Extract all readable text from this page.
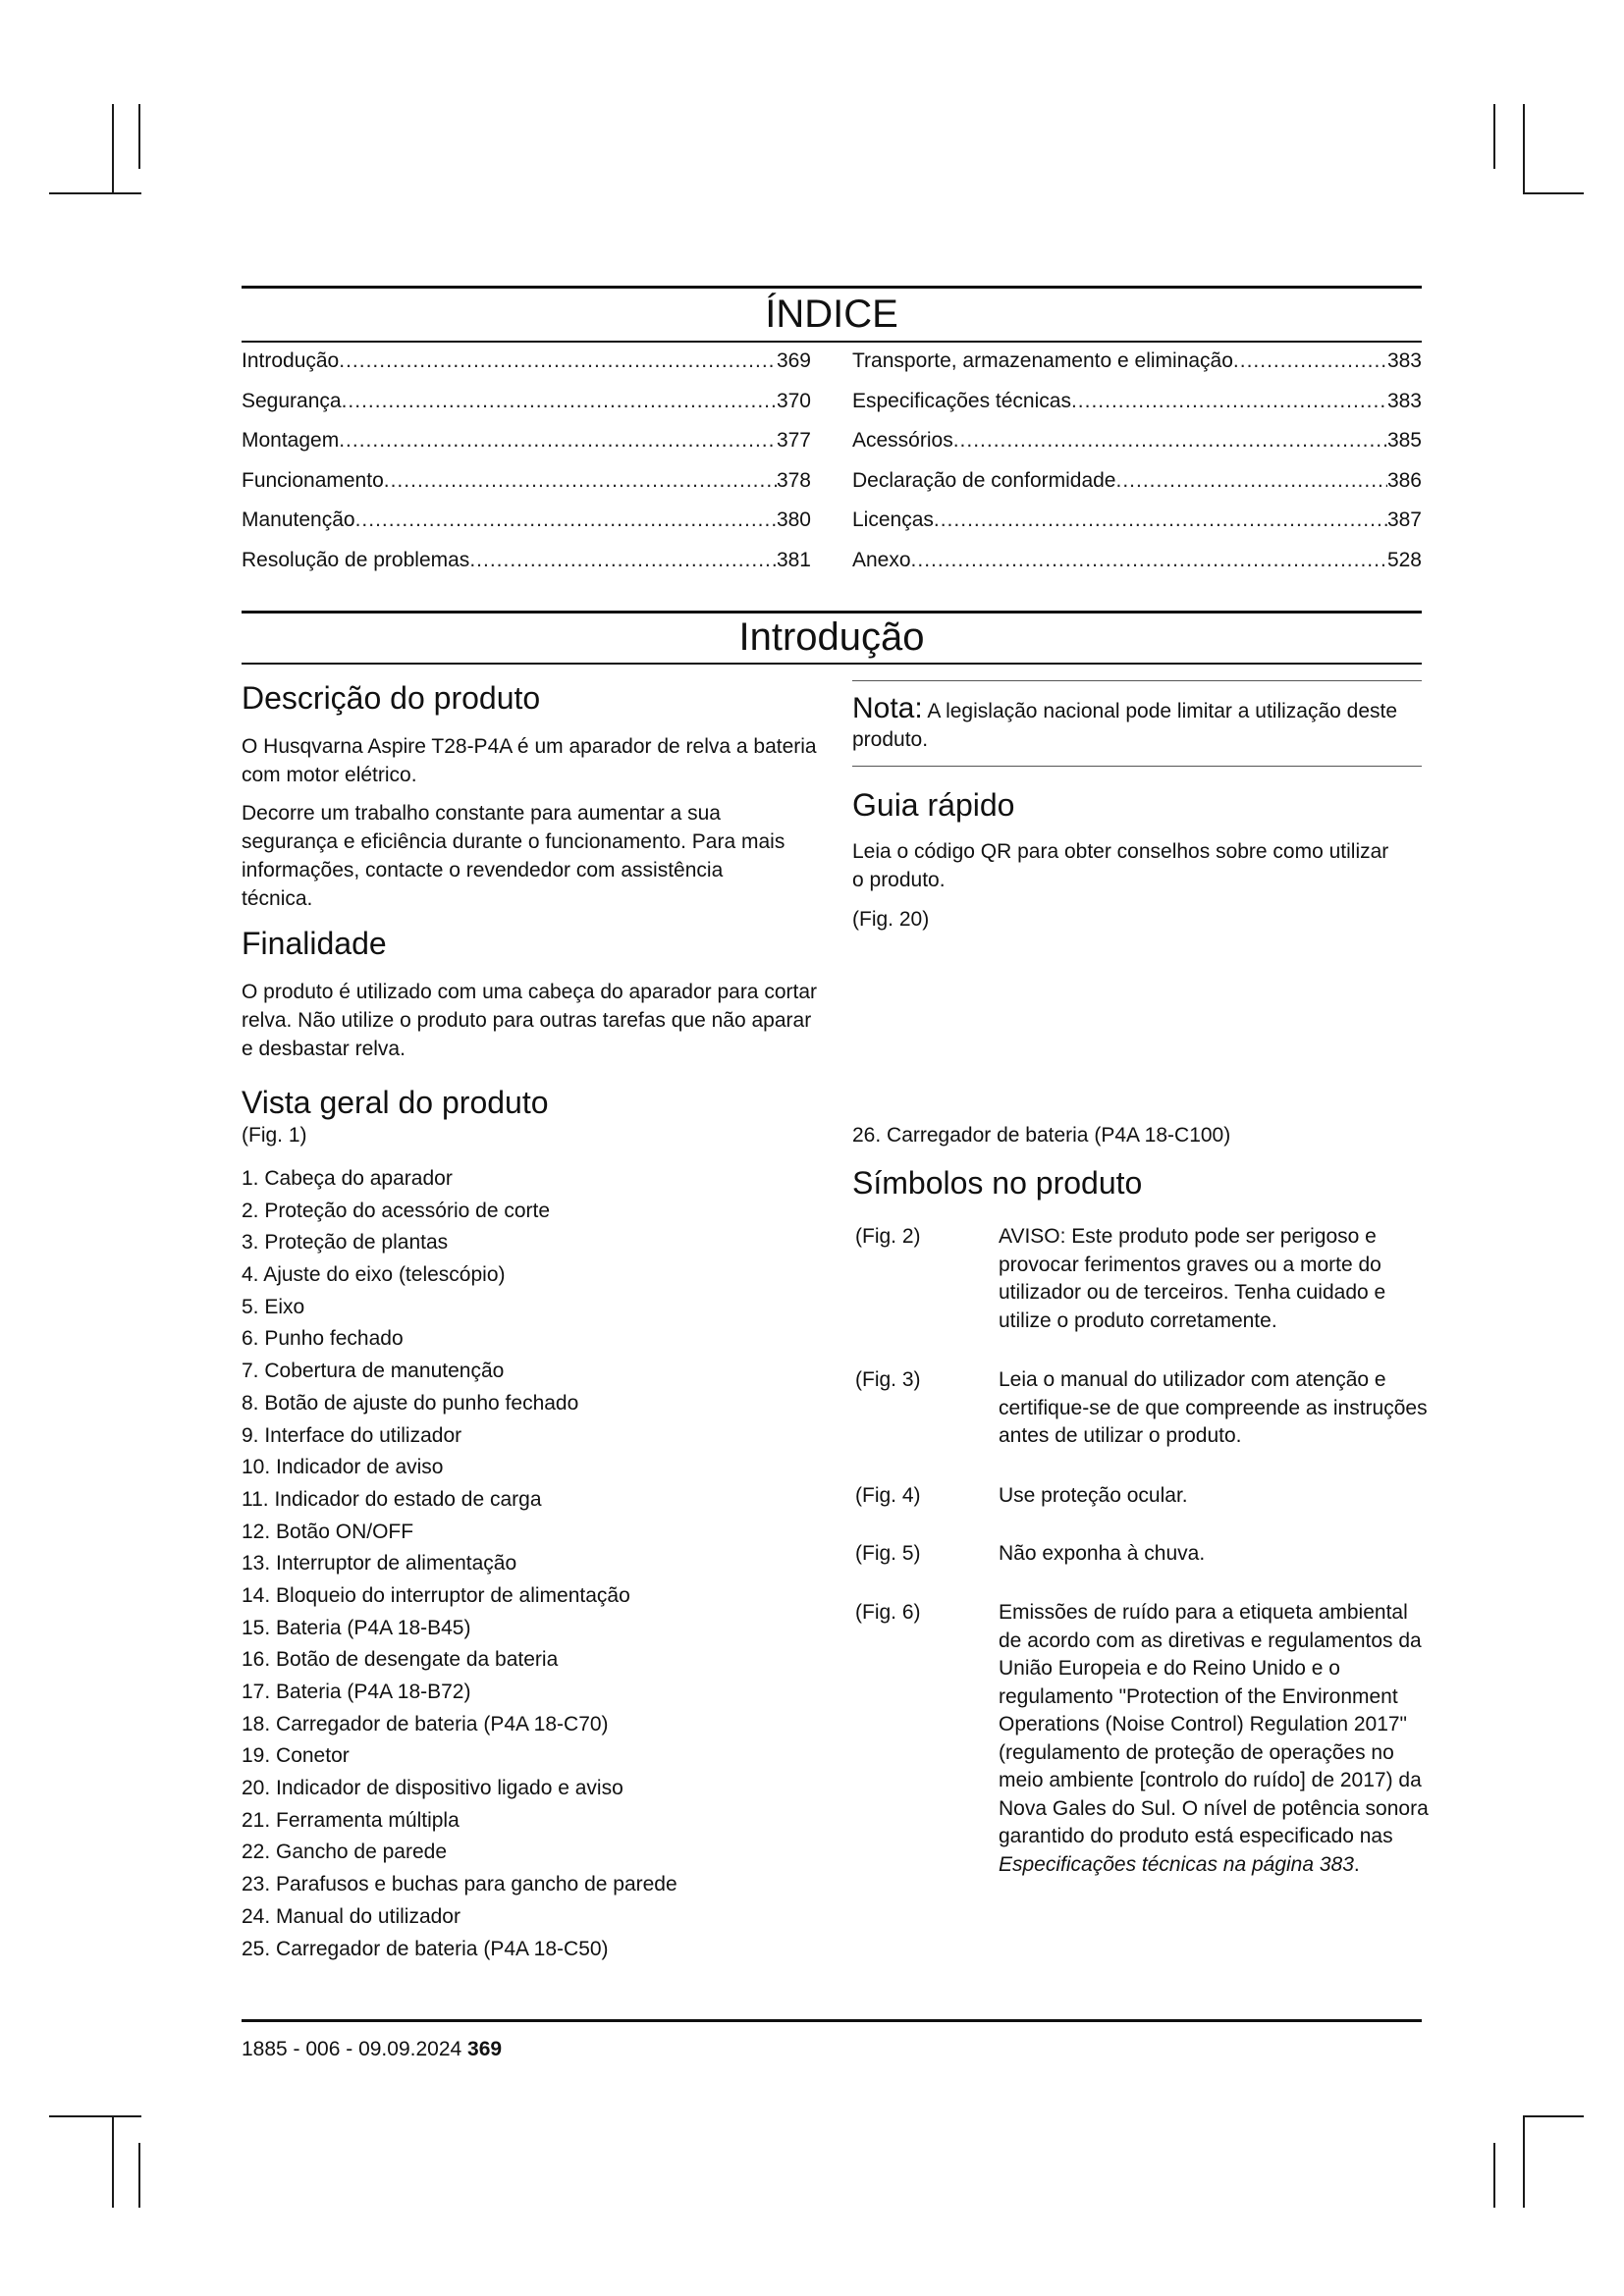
ÍNDICE
Introdução .....	369
Segurança .....	370
Montagem .....	377
Funcionamento .....	378
Manutenção .....	380
Resolução de problemas .....	381
Transporte, armazenamento e eliminação .....	383
Especificações técnicas .....	383
Acessórios .....	385
Declaração de conformidade .....	386
Licenças .....	387
Anexo .....	528
Introdução
Descrição do produto
O Husqvarna Aspire T28-P4A é um aparador de relva a bateria com motor elétrico.
Decorre um trabalho constante para aumentar a sua segurança e eficiência durante o funcionamento. Para mais informações, contacte o revendedor com assistência técnica.
Finalidade
O produto é utilizado com uma cabeça do aparador para cortar relva. Não utilize o produto para outras tarefas que não aparar e desbastar relva.
Vista geral do produto
(Fig. 1)
1. Cabeça do aparador
2. Proteção do acessório de corte
3. Proteção de plantas
4. Ajuste do eixo (telescópio)
5. Eixo
6. Punho fechado
7. Cobertura de manutenção
8. Botão de ajuste do punho fechado
9. Interface do utilizador
10. Indicador de aviso
11. Indicador do estado de carga
12. Botão ON/OFF
13. Interruptor de alimentação
14. Bloqueio do interruptor de alimentação
15. Bateria (P4A 18-B45)
16. Botão de desengate da bateria
17. Bateria (P4A 18-B72)
18. Carregador de bateria (P4A 18-C70)
19. Conetor
20. Indicador de dispositivo ligado e aviso
21. Ferramenta múltipla
22. Gancho de parede
23. Parafusos e buchas para gancho de parede
24. Manual do utilizador
25. Carregador de bateria (P4A 18-C50)
Nota: A legislação nacional pode limitar a utilização deste produto.
Guia rápido
Leia o código QR para obter conselhos sobre como utilizar o produto.
(Fig. 20)
26. Carregador de bateria (P4A 18-C100)
Símbolos no produto
(Fig. 2)	AVISO: Este produto pode ser perigoso e provocar ferimentos graves ou a morte do utilizador ou de terceiros. Tenha cuidado e utilize o produto corretamente.
(Fig. 3)	Leia o manual do utilizador com atenção e certifique-se de que compreende as instruções antes de utilizar o produto.
(Fig. 4)	Use proteção ocular.
(Fig. 5)	Não exponha à chuva.
(Fig. 6)	Emissões de ruído para a etiqueta ambiental de acordo com as diretivas e regulamentos da União Europeia e do Reino Unido e o regulamento "Protection of the Environment Operations (Noise Control) Regulation 2017" (regulamento de proteção de operações no meio ambiente [controlo do ruído] de 2017) da Nova Gales do Sul. O nível de potência sonora garantido do produto está especificado nas Especificações técnicas na página 383.
1885 - 006 - 09.09.2024 369
